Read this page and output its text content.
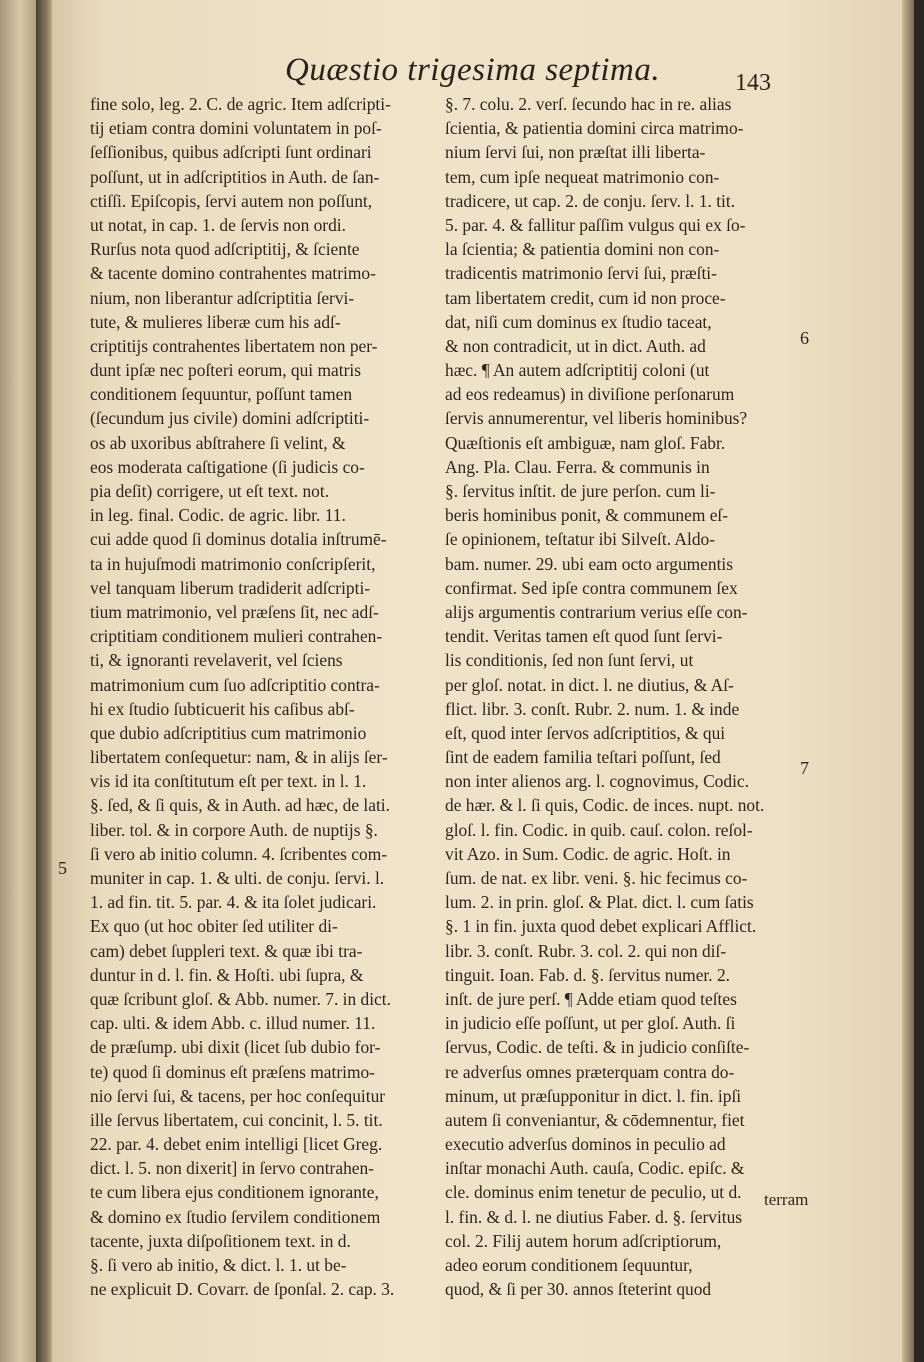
Quæstio trigesima septima.	143
fine solo, leg. 2. C. de agric. Item adſcripti-
tij etiam contra domini voluntatem in poſ-
ſeſſionibus, quibus adſcripti ſunt ordinari
poſſunt, ut in adſcriptitios in Auth. de ſan-
ctiſſi. Epiſcopis, ſervi autem non poſſunt,
ut notat, in cap. 1. de ſervis non ordi.
Rurſus nota quod adſcriptitij, & ſciente
& tacente domino contrahentes matrimo-
nium, non liberantur adſcriptitia ſervi-
tute, & mulieres liberæ cum his adſ-
criptitijs contrahentes libertatem non per-
dunt ipſæ nec poſteri eorum, qui matris
conditionem ſequuntur, poſſunt tamen
(ſecundum jus civile) domini adſcriptiti-
os ab uxoribus abſtrahere ſi velint, &
eos moderata caſtigatione (ſi judicis co-
pia deſit) corrigere, ut eſt text. not.
in leg. final. Codic. de agric. libr. 11.
cui adde quod ſi dominus dotalia inſtrumē-
ta in hujuſmodi matrimonio conſcripſerit,
vel tanquam liberum tradiderit adſcripti-
tium matrimonio, vel præſens ſit, nec adſ-
criptitiam conditionem mulieri contrahen-
ti, & ignoranti revelaverit, vel ſciens
matrimonium cum ſuo adſcriptitio contra-
hi ex ſtudio ſubticuerit his caſibus abſ-
que dubio adſcriptitius cum matrimonio
libertatem conſequetur: nam, & in alijs ſer-
vis id ita conſtitutum eſt per text. in l. 1.
§. ſed, & ſi quis, & in Auth. ad hæc, de lati.
liber. tol. & in corpore Auth. de nuptijs §.
ſi vero ab initio column. 4. ſcribentes com-
muniter in cap. 1. & ulti. de conju. ſervi. l.
1. ad fin. tit. 5. par. 4. & ita ſolet judicari.
Ex quo (ut hoc obiter ſed utiliter di-
cam) debet ſuppleri text. & quæ ibi tra-
duntur in d. l. fin. & Hoſti. ubi ſupra, &
quæ ſcribunt gloſ. & Abb. numer. 7. in dict.
cap. ulti. & idem Abb. c. illud numer. 11.
de præſump. ubi dixit (licet ſub dubio for-
te) quod ſi dominus eſt præſens matrimo-
nio ſervi ſui, & tacens, per hoc conſequitur
ille ſervus libertatem, cui concinit, l. 5. tit.
22. par. 4. debet enim intelligi [licet Greg.
dict. l. 5. non dixerit] in ſervo contrahen-
te cum libera ejus conditionem ignorante,
& domino ex ſtudio ſervilem conditionem
tacente, juxta diſpoſitionem text. in d.
§. ſi vero ab initio, & dict. l. 1. ut be-
ne explicuit D. Covarr. de ſponſal. 2. cap. 3.
§. 7. colu. 2. verſ. ſecundo hac in re. alias
ſcientia, & patientia domini circa matrimo-
nium ſervi ſui, non præſtat illi liberta-
tem, cum ipſe nequeat matrimonio con-
tradicere, ut cap. 2. de conju. ſerv. l. 1. tit.
5. par. 4. & fallitur paſſim vulgus qui ex ſo-
la ſcientia; & patientia domini non con-
tradicentis matrimonio ſervi ſui, præſti-
tam libertatem credit, cum id non proce-
dat, niſi cum dominus ex ſtudio taceat,
& non contradicit, ut in dict. Auth. ad
hæc. ¶ An autem adſcriptitij coloni (ut
ad eos redeamus) in diviſione perſonarum
ſervis annumerentur, vel liberis hominibus?
Quæſtionis eſt ambiguæ, nam gloſ. Fabr.
Ang. Pla. Clau. Ferra. & communis in
§. ſervitus inſtit. de jure perſon. cum li-
beris hominibus ponit, & communem eſ-
ſe opinionem, teſtatur ibi Silveſt. Aldo-
bam. numer. 29. ubi eam octo argumentis
confirmat. Sed ipſe contra communem ſex
alijs argumentis contrarium verius eſſe con-
tendit. Veritas tamen eſt quod ſunt ſervi-
lis conditionis, ſed non ſunt ſervi, ut
per gloſ. notat. in dict. l. ne diutius, & Aſ-
flict. libr. 3. conſt. Rubr. 2. num. 1. & inde
eſt, quod inter ſervos adſcriptitios, & qui
ſint de eadem familia teſtari poſſunt, ſed
non inter alienos arg. l. cognovimus, Codic.
de hær. & l. ſi quis, Codic. de inces. nupt. not.
gloſ. l. fin. Codic. in quib. cauſ. colon. reſol-
vit Azo. in Sum. Codic. de agric. Hoſt. in
ſum. de nat. ex libr. veni. §. hic fecimus co-
lum. 2. in prin. gloſ. & Plat. dict. l. cum ſatis
§. 1 in fin. juxta quod debet explicari Afflict.
libr. 3. conſt. Rubr. 3. col. 2. qui non diſ-
tinguit. Ioan. Fab. d. §. ſervitus numer. 2.
inſt. de jure perſ. ¶ Adde etiam quod teſtes
in judicio eſſe poſſunt, ut per gloſ. Auth. ſi
ſervus, Codic. de teſti. & in judicio conſiſte-
re adverſus omnes præterquam contra do-
minum, ut præſupponitur in dict. l. fin. ipſi
autem ſi conveniantur, & cōdemnentur, fiet
executio adverſus dominos in peculio ad
inſtar monachi Auth. cauſa, Codic. epiſc. &
cle. dominus enim tenetur de peculio, ut d.
l. fin. & d. l. ne diutius Faber. d. §. ſervitus
col. 2. Filij autem horum adſcriptiorum,
adeo eorum conditionem ſequuntur,
quod, & ſi per 30. annos ſteterint quod
6
7
5
terram
